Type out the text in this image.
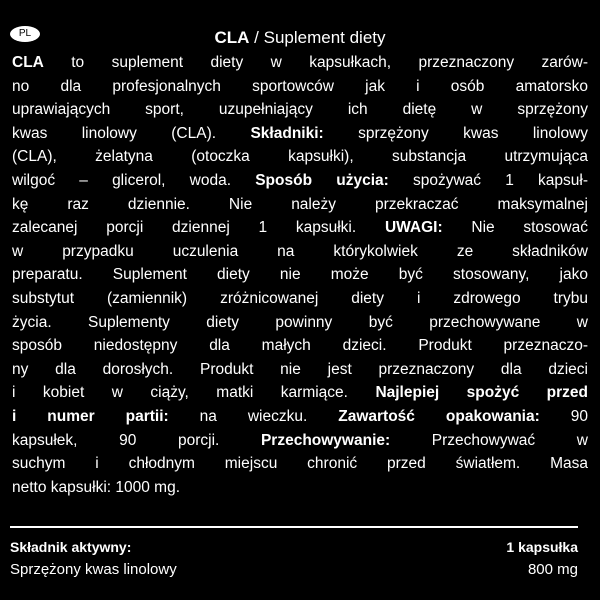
PL	CLA / Suplement diety
CLA to suplement diety w kapsułkach, przeznaczony zarów-
no dla profesjonalnych sportowców jak i osób amatorsko
uprawiających sport, uzupełniający ich dietę w sprzężony
kwas linolowy (CLA). Składniki: sprzężony kwas linolowy
(CLA), żelatyna (otoczka kapsułki), substancja utrzymująca
wilgoć – glicerol, woda. Sposób użycia: spożywać 1 kapsuł-
kę raz dziennie. Nie należy przekraczać maksymalnej
zalecanej porcji dziennej 1 kapsułki. UWAGI: Nie stosować
w przypadku uczulenia na którykolwiek ze składników
preparatu. Suplement diety nie może być stosowany, jako
substytut (zamiennik) zróżnicowanej diety i zdrowego trybu
życia. Suplementy diety powinny być przechowywane w
sposób niedostępny dla małych dzieci. Produkt przeznaczo-
ny dla dorosłych. Produkt nie jest przeznaczony dla dzieci
i kobiet w ciąży, matki karmiące. Najlepiej spożyć przed
i numer partii: na wieczku. Zawartość opakowania: 90
kapsułek, 90 porcji. Przechowywanie: Przechowywać w
suchym i chłodnym miejscu chronić przed światłem. Masa
netto kapsułki: 1000 mg.
Składnik aktywny:	1 kapsułka
Sprzężony kwas linolowy	800 mg
